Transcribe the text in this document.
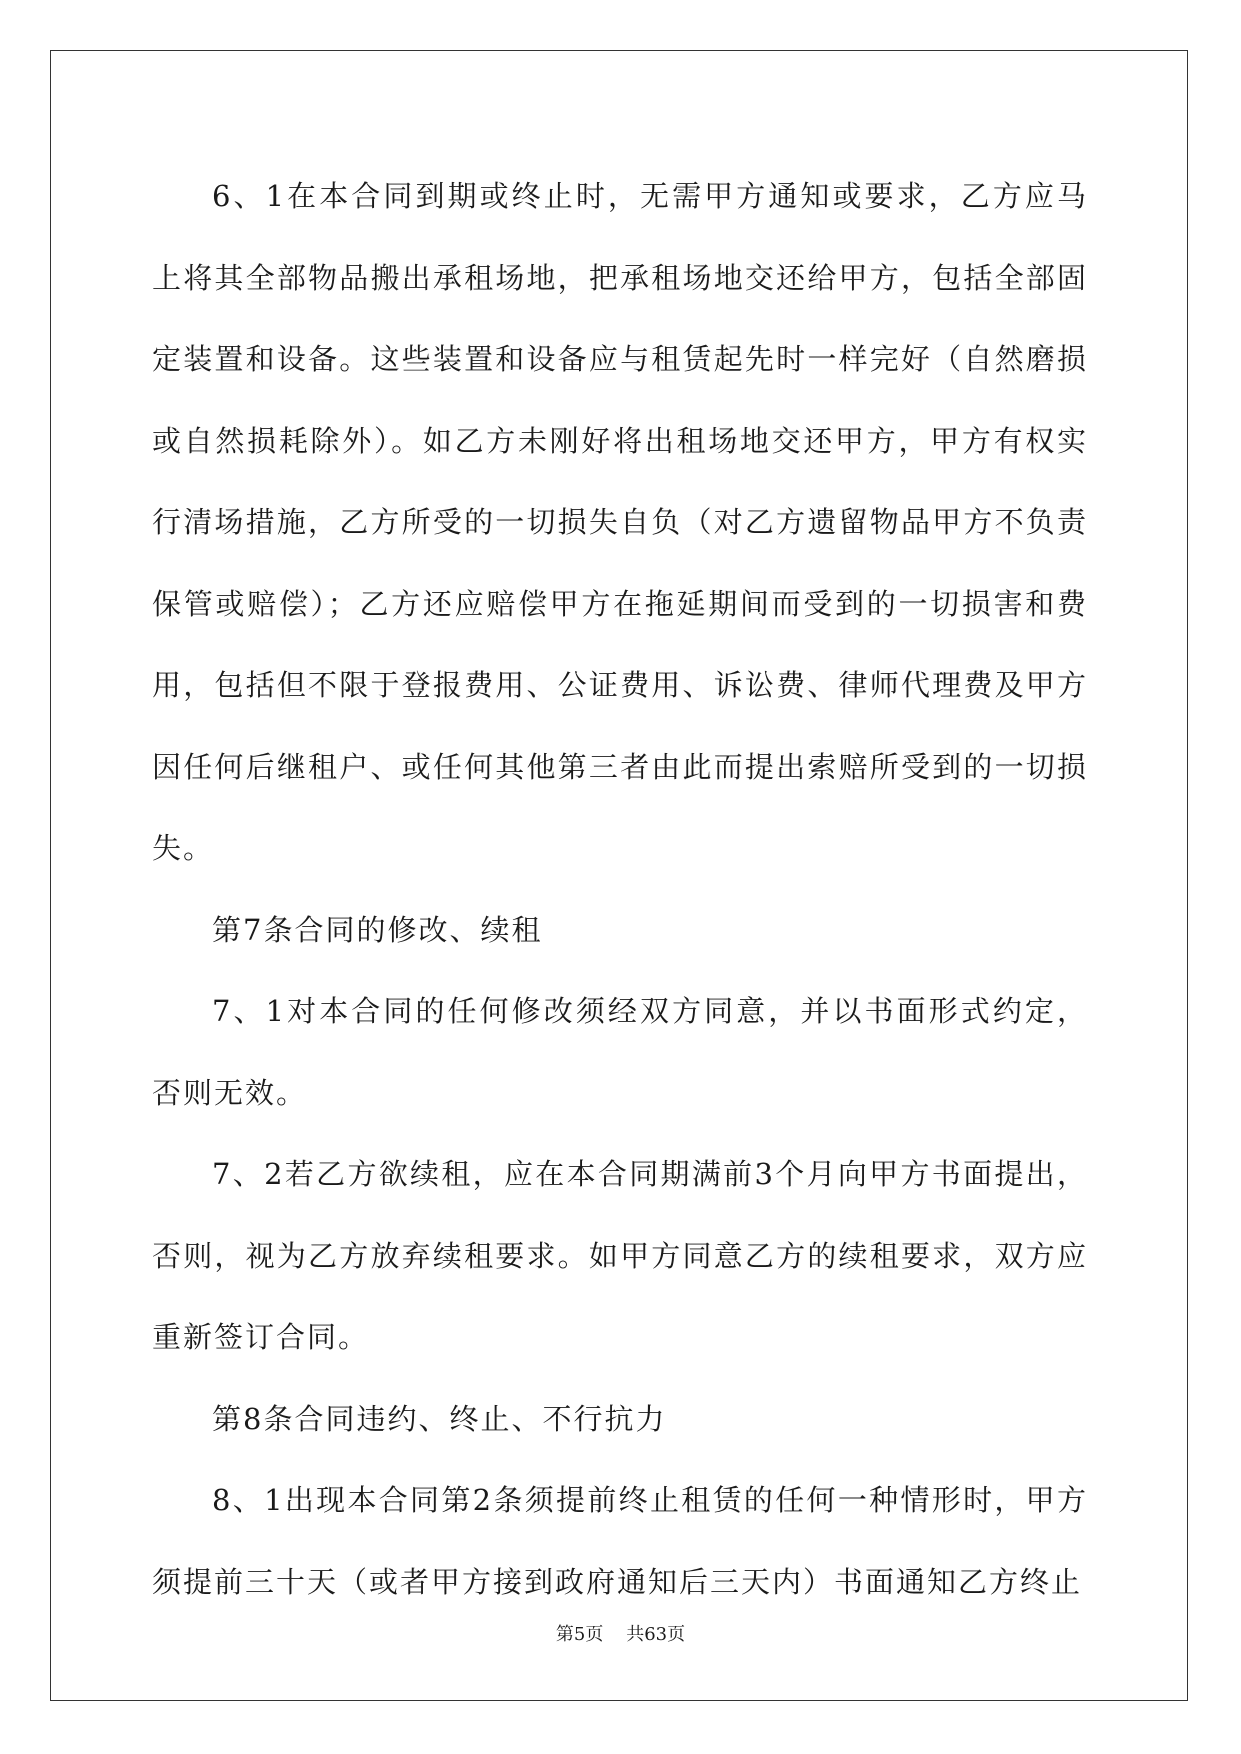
6、1在本合同到期或终止时，无需甲方通知或要求，乙方应马上将其全部物品搬出承租场地，把承租场地交还给甲方，包括全部固定装置和设备。这些装置和设备应与租赁起先时一样完好（自然磨损或自然损耗除外）。如乙方未刚好将出租场地交还甲方，甲方有权实行清场措施，乙方所受的一切损失自负（对乙方遗留物品甲方不负责保管或赔偿）；乙方还应赔偿甲方在拖延期间而受到的一切损害和费用，包括但不限于登报费用、公证费用、诉讼费、律师代理费及甲方因任何后继租户、或任何其他第三者由此而提出索赔所受到的一切损失。

第7条合同的修改、续租

7、1对本合同的任何修改须经双方同意，并以书面形式约定，否则无效。

7、2若乙方欲续租，应在本合同期满前3个月向甲方书面提出，否则，视为乙方放弃续租要求。如甲方同意乙方的续租要求，双方应重新签订合同。

第8条合同违约、终止、不行抗力

8、1出现本合同第2条须提前终止租赁的任何一种情形时，甲方须提前三十天（或者甲方接到政府通知后三天内）书面通知乙方终止

第5页    共63页
